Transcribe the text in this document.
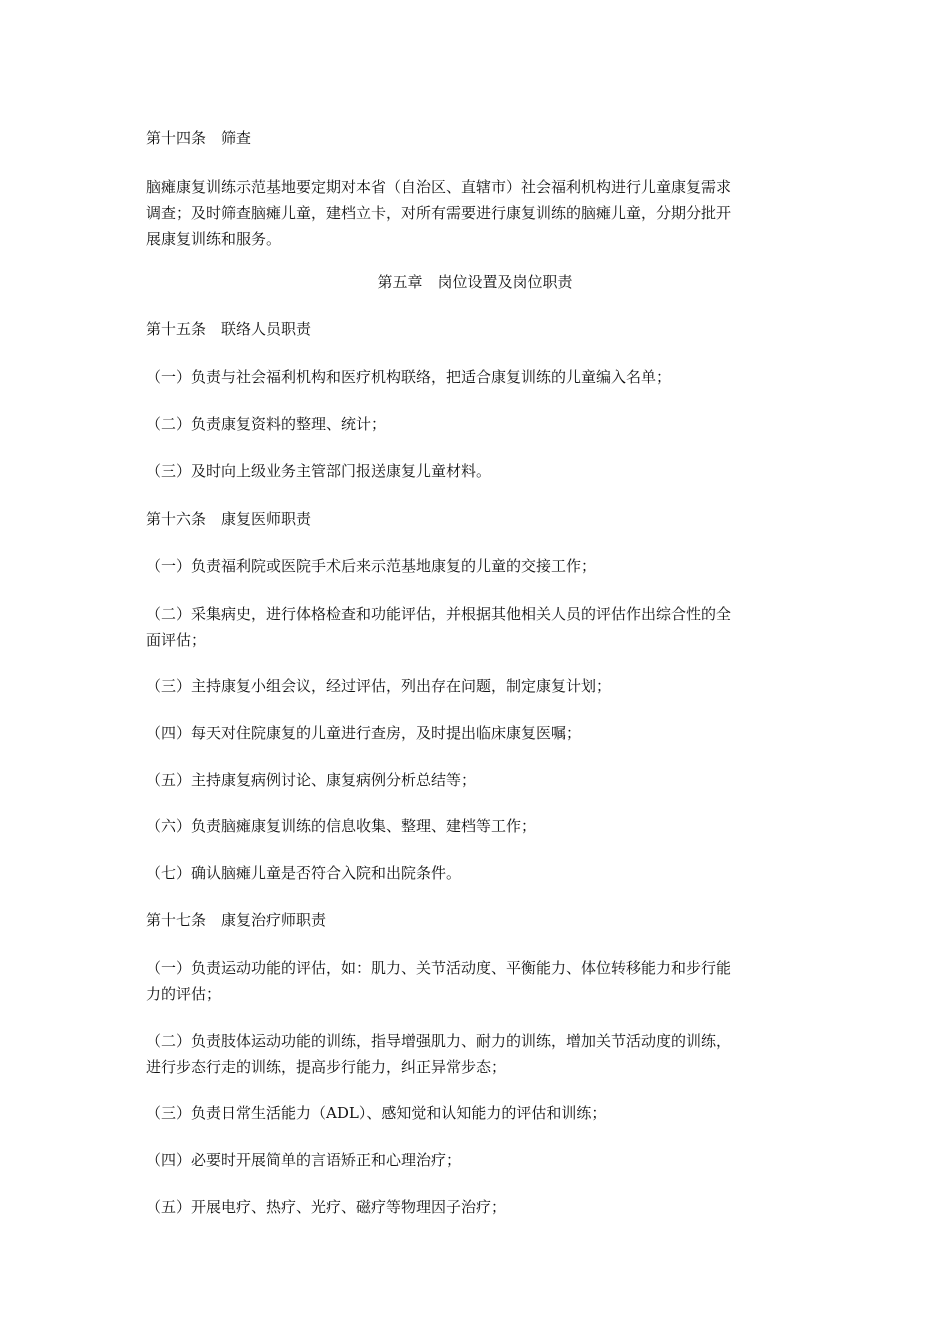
第十四条　筛查
脑瘫康复训练示范基地要定期对本省（自治区、直辖市）社会福利机构进行儿童康复需求
调查；及时筛查脑瘫儿童，建档立卡，对所有需要进行康复训练的脑瘫儿童，分期分批开
展康复训练和服务。
第五章　岗位设置及岗位职责
第十五条　联络人员职责
（一）负责与社会福利机构和医疗机构联络，把适合康复训练的儿童编入名单；
（二）负责康复资料的整理、统计；
（三）及时向上级业务主管部门报送康复儿童材料。
第十六条　康复医师职责
（一）负责福利院或医院手术后来示范基地康复的儿童的交接工作；
（二）采集病史，进行体格检查和功能评估，并根据其他相关人员的评估作出综合性的全
面评估；
（三）主持康复小组会议，经过评估，列出存在问题，制定康复计划；
（四）每天对住院康复的儿童进行查房，及时提出临床康复医嘱；
（五）主持康复病例讨论、康复病例分析总结等；
（六）负责脑瘫康复训练的信息收集、整理、建档等工作；
（七）确认脑瘫儿童是否符合入院和出院条件。
第十七条　康复治疗师职责
（一）负责运动功能的评估，如：肌力、关节活动度、平衡能力、体位转移能力和步行能
力的评估；
（二）负责肢体运动功能的训练，指导增强肌力、耐力的训练，增加关节活动度的训练，
进行步态行走的训练，提高步行能力，纠正异常步态；
（三）负责日常生活能力（ADL）、感知觉和认知能力的评估和训练；
（四）必要时开展简单的言语矫正和心理治疗；
（五）开展电疗、热疗、光疗、磁疗等物理因子治疗；
